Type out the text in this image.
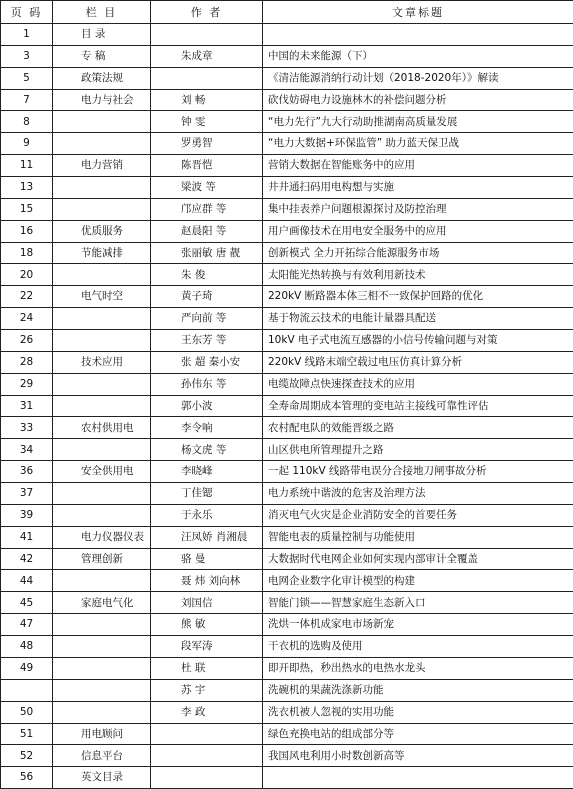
页 码	栏 目	作 者	文章标题
1	目 录		
3	专 稿	朱成章	中国的未来能源（下）
5	政策法规		《清洁能源消纳行动计划（2018-2020年）》解读
7	电力与社会	刘 畅	砍伐妨碍电力设施林木的补偿问题分析
8		钟 雯	“电力先行”九大行动助推湖南高质量发展
9		罗勇智	“电力大数据+环保监管” 助力蓝天保卫战
11	电力营销	陈晋恺	营销大数据在智能账务中的应用
13		梁波 等	井井通扫码用电构想与实施
15		邝应群 等	集中挂表养户问题根源探讨及防控治理
16	优质服务	赵晨阳 等	用户画像技术在用电安全服务中的应用
18	节能减排	张丽敏 唐 靓	创新模式 全力开拓综合能源服务市场
20		朱 俊	太阳能光热转换与有效利用新技术
22	电气时空	黄子琦	220kV 断路器本体三相不一致保护回路的优化
24		严向前 等	基于物流云技术的电能计量器具配送
26		王东芳 等	10kV 电子式电流互感器的小信号传输问题与对策
28	技术应用	张 超 秦小安	220kV 线路末端空载过电压仿真计算分析
29		孙伟东 等	电缆故障点快速探查技术的应用
31		郭小波	全寿命周期成本管理的变电站主接线可靠性评估
33	农村供用电	李令响	农村配电队的效能晋级之路
34		杨文虎 等	山区供电所管理提升之路
36	安全供用电	李晓峰	一起 110kV 线路带电误分合接地刀闸事故分析
37		丁佳锶	电力系统中谐波的危害及治理方法
39		于永乐	消灭电气火灾是企业消防安全的首要任务
41	电力仪器仪表	汪凤娇 肖湘晨	智能电表的质量控制与功能使用
42	管理创新	骆 曼	大数据时代电网企业如何实现内部审计全覆盖
44		聂 炜 刘向林	电网企业数字化审计模型的构建
45	家庭电气化	刘国信	智能门锁——智慧家庭生态新入口
47		熊 敏	洗烘一体机成家电市场新宠
48		段军涛	干衣机的选购及使用
49		杜 联	即开即热，秒出热水的电热水龙头
		苏 宇	洗碗机的果蔬洗涤新功能
50		李 政	洗衣机被人忽视的实用功能
51	用电顾问		绿色充换电站的组成部分等
52	信息平台		我国风电利用小时数创新高等
56	英文目录		
